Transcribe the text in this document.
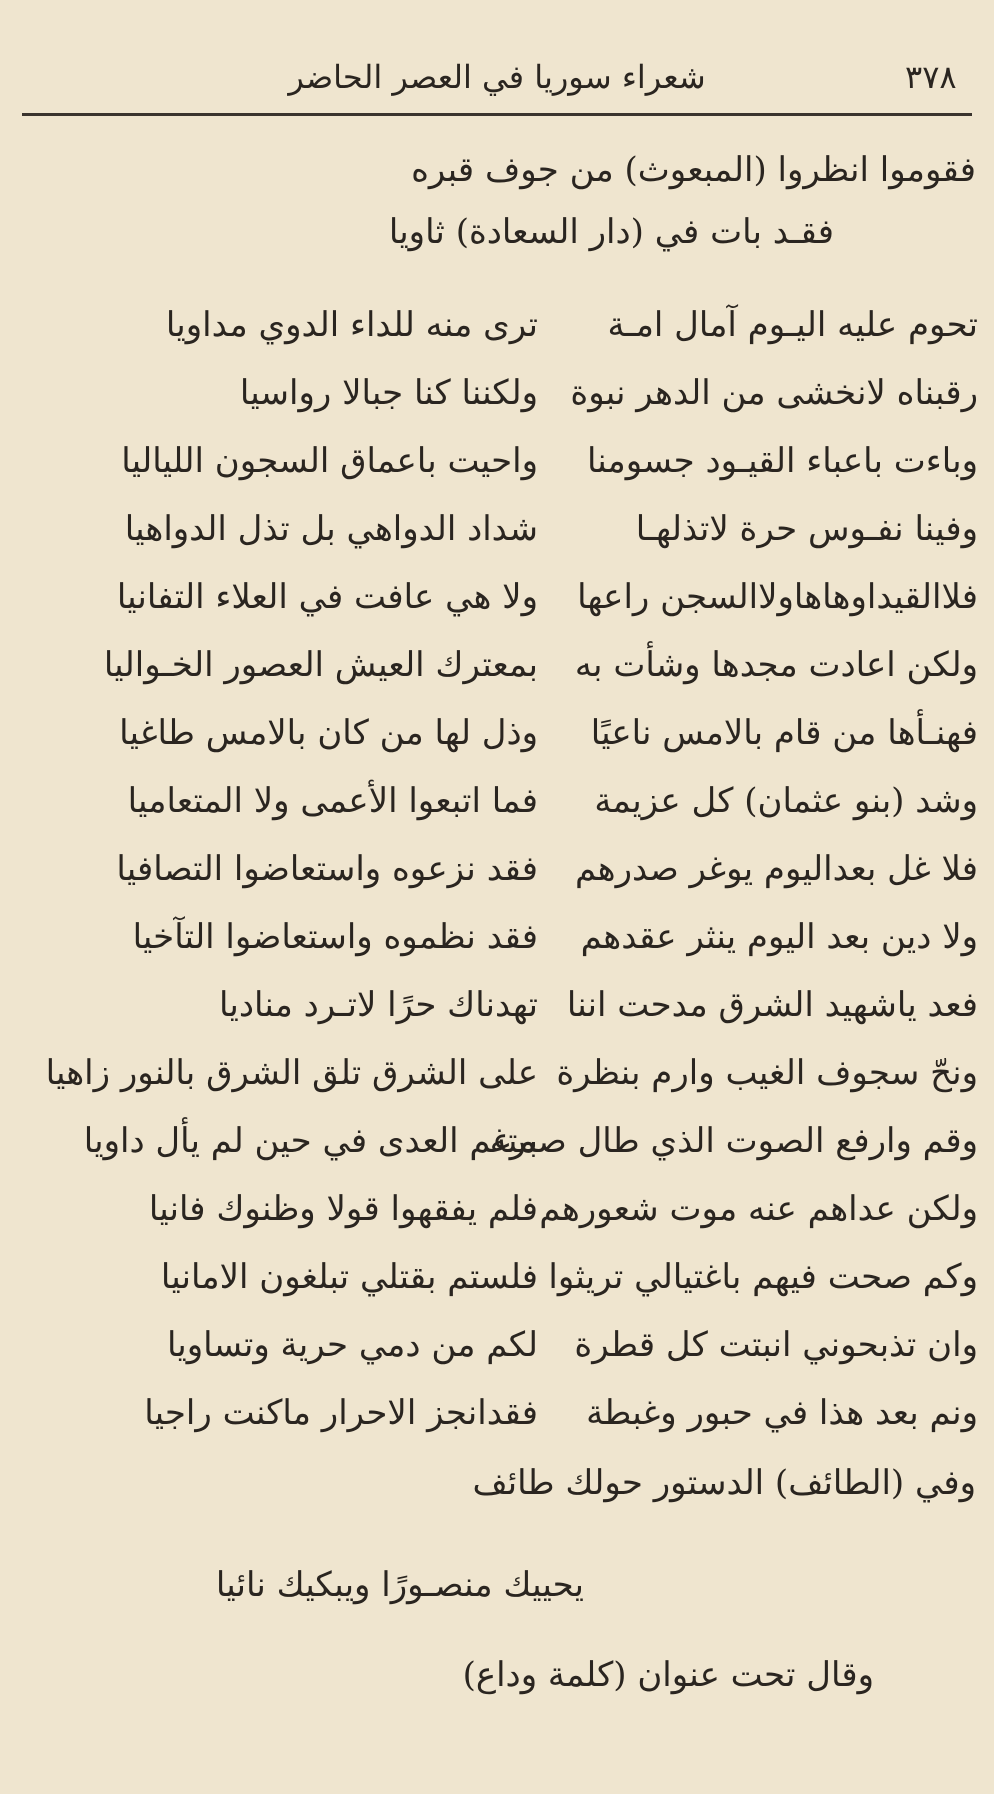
٣٧٨
شعراء سوريا في العصر الحاضر
فقوموا انظروا (المبعوث) من جوف قبره
فقـد بات في (دار السعادة) ثاويا
تحوم عليه اليـوم آمال امـة
ترى منه للداء الدوي مداويا
رقبناه لانخشى من الدهر نبوة
ولكننا كنا جبالا رواسيا
وباءت باعباء القيـود جسومنا
واحيت باعماق السجون اللياليا
وفينا نفـوس حرة لاتذلهـا
شداد الدواهي بل تذل الدواهيا
فلاالقيداوهاهاولاالسجن راعها
ولا هي عافت في العلاء التفانيا
ولكن اعادت مجدها وشأت به
بمعترك العيش العصور الخـواليا
فهنـأها من قام بالامس ناعيًا
وذل لها من كان بالامس طاغيا
وشد (بنو عثمان) كل عزيمة
فما اتبعوا الأعمى ولا المتعاميا
فلا غل بعداليوم يوغر صدرهم
فقد نزعوه واستعاضوا التصافيا
ولا دين بعد اليوم ينثر عقدهم
فقد نظموه واستعاضوا التآخيا
فعد ياشهيد الشرق مدحت اننا
تهدناك حرًا لاتـرد مناديا
ونحّ سجوف الغيب وارم بنظرة
على الشرق تلق الشرق بالنور زاهيا
وقم وارفع الصوت الذي طال صمته
برغم العدى في حين لم يأل داويا
ولكن عداهم عنه موت شعورهم
فلم يفقهوا قولا وظنوك فانيا
وكم صحت فيهم باغتيالي تريثوا
فلستم بقتلي تبلغون الامانيا
وان تذبحوني انبتت كل قطرة
لكم من دمي حرية وتساويا
ونم بعد هذا في حبور وغبطة
فقدانجز الاحرار ماكنت راجيا
وفي (الطائف) الدستور حولك طائف
يحييك منصـورًا ويبكيك نائيا
وقال تحت عنوان (كلمة وداع)
